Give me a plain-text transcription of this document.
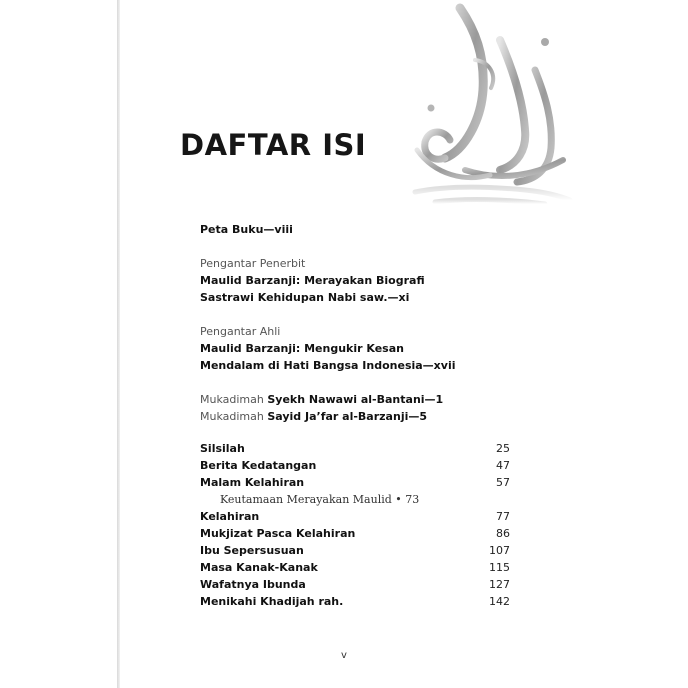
DAFTAR ISI
Peta Buku—viii
Pengantar Penerbit
Maulid Barzanji: Merayakan Biografi
Sastrawi Kehidupan Nabi saw.—xi
Pengantar Ahli
Maulid Barzanji: Mengukir Kesan
Mendalam di Hati Bangsa Indonesia—xvii
Mukadimah Syekh Nawawi al-Bantani—1
Mukadimah Sayid Ja’far al-Barzanji—5
Silsilah	25
Berita Kedatangan	47
Malam Kelahiran	57
Keutamaan Merayakan Maulid • 73
Kelahiran	77
Mukjizat Pasca Kelahiran	86
Ibu Sepersusuan	107
Masa Kanak-Kanak	115
Wafatnya Ibunda	127
Menikahi Khadijah rah.	142
v
